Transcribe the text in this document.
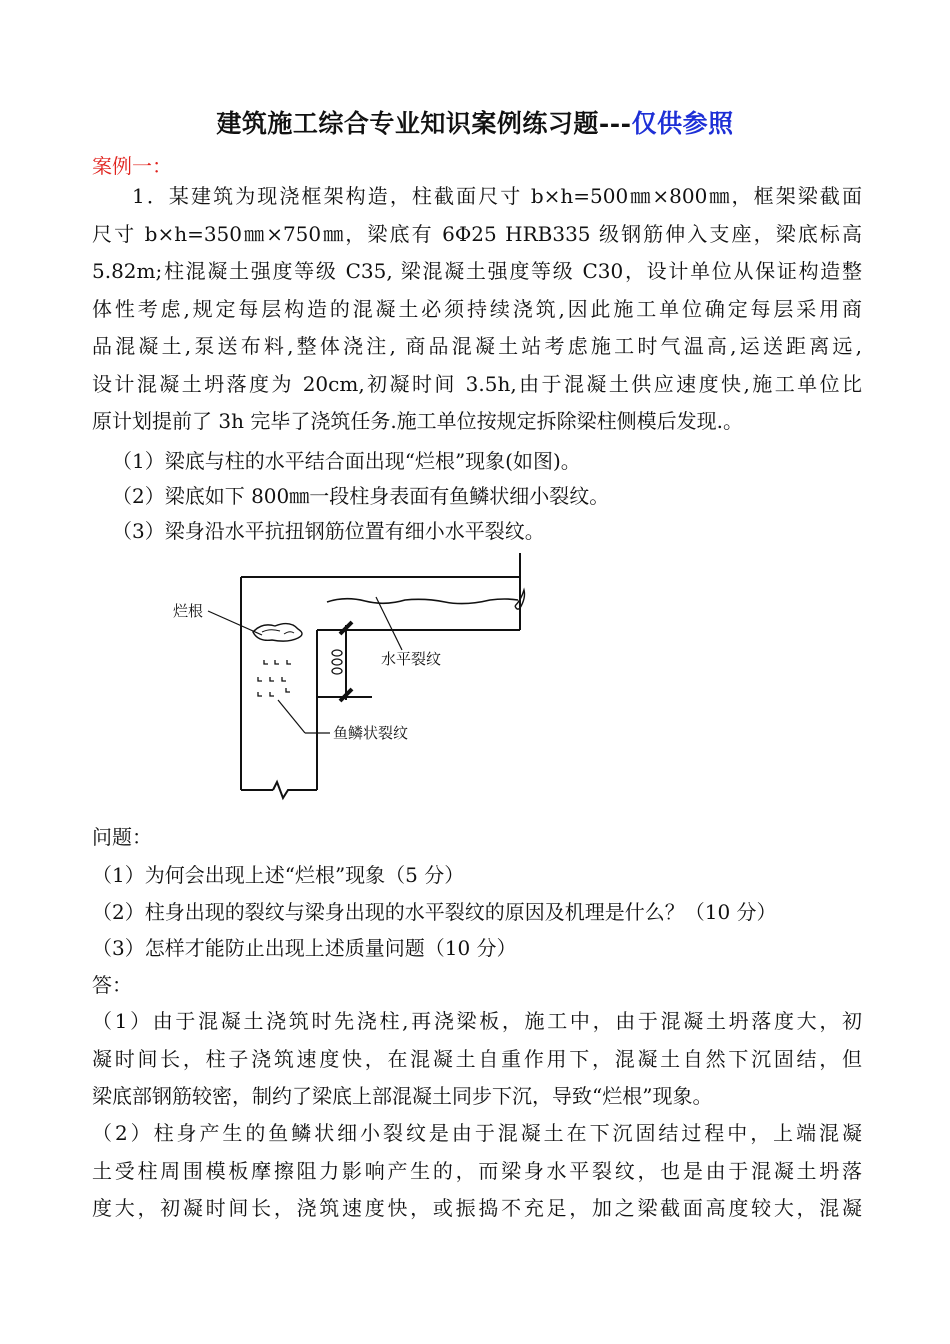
建筑施工综合专业知识案例练习题---仅供参照
案例一：
1．某建筑为现浇框架构造，柱截面尺寸 b×h=500㎜×800㎜，框架梁截面
尺寸 b×h=350㎜×750㎜，梁底有 6Φ25 HRB335 级钢筋伸入支座，梁底标高
5.82m;柱混凝土强度等级 C35, 梁混凝土强度等级 C30，设计单位从保证构造整
体性考虑,规定每层构造的混凝土必须持续浇筑,因此施工单位确定每层采用商
品混凝土,泵送布料,整体浇注, 商品混凝土站考虑施工时气温高,运送距离远,
设计混凝土坍落度为 20cm,初凝时间 3.5h,由于混凝土供应速度快,施工单位比
原计划提前了 3h 完毕了浇筑任务.施工单位按规定拆除梁柱侧模后发现.。
（1）梁底与柱的水平结合面出现“烂根”现象(如图)。
（2）梁底如下 800㎜一段柱身表面有鱼鳞状细小裂纹。
（3）梁身沿水平抗扭钢筋位置有细小水平裂纹。
烂根
水平裂纹
鱼鳞状裂纹
问题：
（1）为何会出现上述“烂根”现象（5 分）
（2）柱身出现的裂纹与梁身出现的水平裂纹的原因及机理是什么？（10 分）
（3）怎样才能防止出现上述质量问题（10 分）
答：
（1）由于混凝土浇筑时先浇柱,再浇梁板，施工中，由于混凝土坍落度大，初
凝时间长，柱子浇筑速度快，在混凝土自重作用下，混凝土自然下沉固结，但
梁底部钢筋较密，制约了梁底上部混凝土同步下沉，导致“烂根”现象。
（2）柱身产生的鱼鳞状细小裂纹是由于混凝土在下沉固结过程中，上端混凝
土受柱周围模板摩擦阻力影响产生的，而梁身水平裂纹，也是由于混凝土坍落
度大，初凝时间长，浇筑速度快，或振捣不充足，加之梁截面高度较大，混凝
